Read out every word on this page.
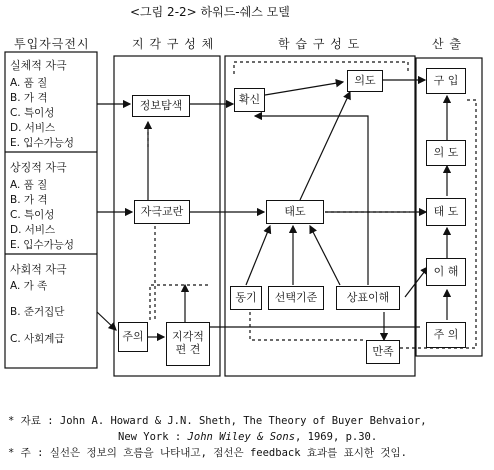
<그림 2-2> 하워드-쉐스 모델
투입자극전시	지 각 구 성 체	학 습 구 성 도	산 출
실체적 자극
A. 품 질
B. 가 격
C. 특이성
D. 서비스
E. 입수가능성
상징적 자극
A. 품 질
B. 가 격
C. 특이성
D. 서비스
E. 입수가능성
사회적 자극
A. 가 족
B. 준거집단
C. 사회계급
정보탐색
자극교란
주의	지각적
편 견
확신
의도
태도
동기	선택기준	상표이해
만족
구 입
의 도
태 도
이 해
주 의
* 자료 : John A. Howard & J.N. Sheth, The Theory of Buyer Behvaior,
New York : John Wiley & Sons, 1969, p.30.
* 주 : 실선은 정보의 흐름을 나타내고, 점선은 feedback 효과를 표시한 것임.
